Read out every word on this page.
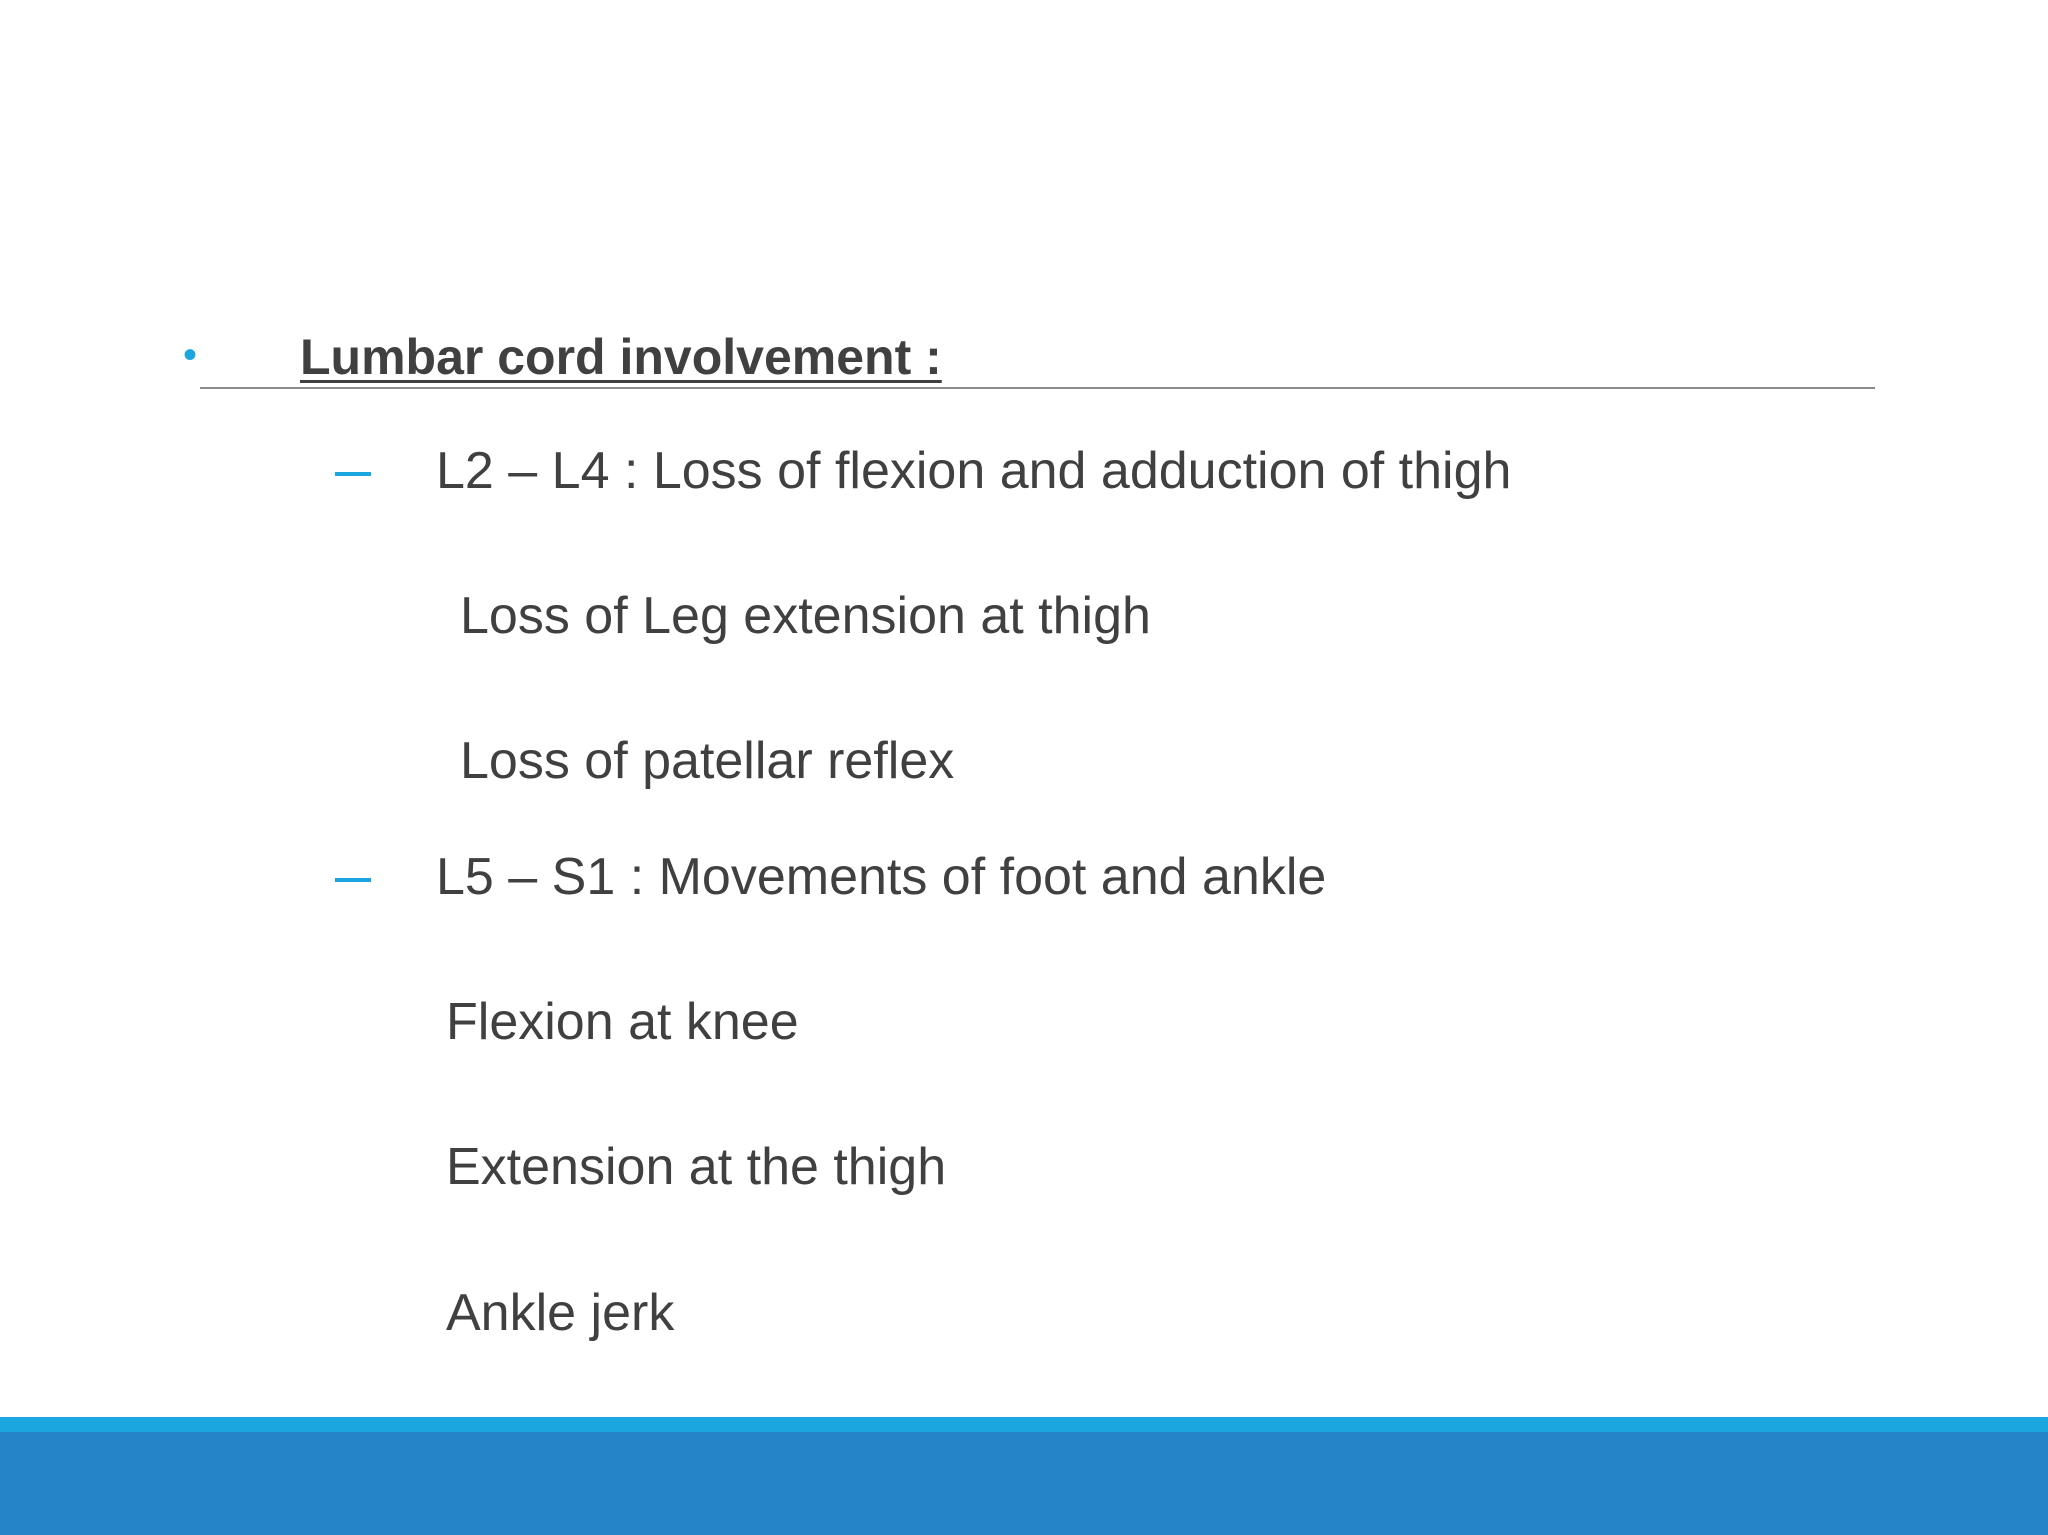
• Lumbar cord involvement :
L2 – L4 : Loss of flexion and adduction of thigh
Loss of Leg extension at thigh
Loss of patellar reflex
L5 – S1 : Movements of foot and ankle
Flexion at knee
Extension at the thigh
Ankle jerk
